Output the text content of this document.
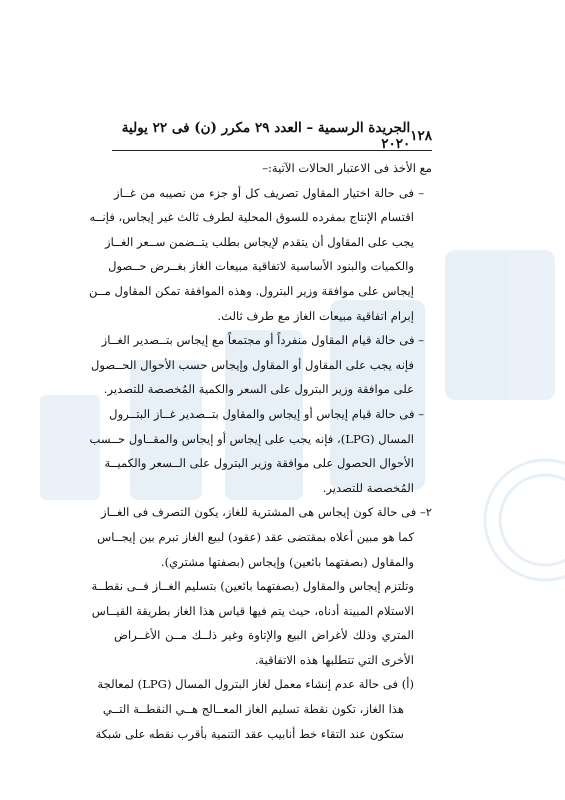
١٢٨
الجريدة الرسمية – العدد ٢٩ مكرر (ن) فى ٢٢ يولية ٢٠٢٠
مع الأخذ فى الاعتبار الحالات الآتية:–
– فى حالة اختيار المقاول تصريف كل أو جزء من نصيبه من غــاز
اقتسام الإنتاج بمفرده للسوق المحلية لطرف ثالث غير إيجاس، فإنــه
يجب على المقاول أن يتقدم لإيجاس بطلب يتــضمن ســعر الغــاز
والكميات والبنود الأساسية لاتفاقية مبيعات الغاز بغــرض حــصول
إيجاس على موافقة وزير البترول. وهذه الموافقة تمكن المقاول مــن
إبرام اتفاقية مبيعات الغاز مع طرف ثالث.
– فى حالة قيام المقاول منفرداً أو مجتمعاً مع إيجاس بتــصدير الغــاز
فإنه يجب على المقاول أو المقاول وإيجاس حسب الأحوال الحــصول
على موافقة وزير البترول على السعر والكمية المُخصصة للتصدير.
– فى حالة قيام إيجاس أو إيجاس والمقاول بتــصدير غــاز البتــرول
المسال (LPG)، فإنه يجب على إيجاس أو إيجاس والمقــاول حــسب
الأحوال الحصول على موافقة وزير البترول على الــسعر والكميــة
المُخصصة للتصدير.
٢– فى حالة كون إيجاس هى المشترية للغاز، يكون التصرف فى الغــاز
كما هو مبين أعلاه بمقتضى عقد (عقود) لبيع الغاز تبرم بين إيجــاس
والمقاول (بصفتهما بائعين) وإيجاس (بصفتها مشتري).
وتلتزم إيجاس والمقاول (بصفتهما بائعين) بتسليم الغــاز فــى نقطــة
الاستلام المبينة أدناه، حيث يتم فيها قياس هذا الغاز بطريقة القيــاس
المتري وذلك لأغراض البيع والإتاوة وغير ذلــك مــن الأغــراض
الأخرى التي تتطلبها هذه الاتفاقية.
(أ) فى حالة عدم إنشاء معمل لغاز البترول المسال (LPG) لمعالجة
هذا الغاز، تكون نقطة تسليم الغاز المعــالج هــي النقطــة التــي
ستكون عند التقاء خط أنابيب عقد التنمية بأقرب نقطه على شبكة
